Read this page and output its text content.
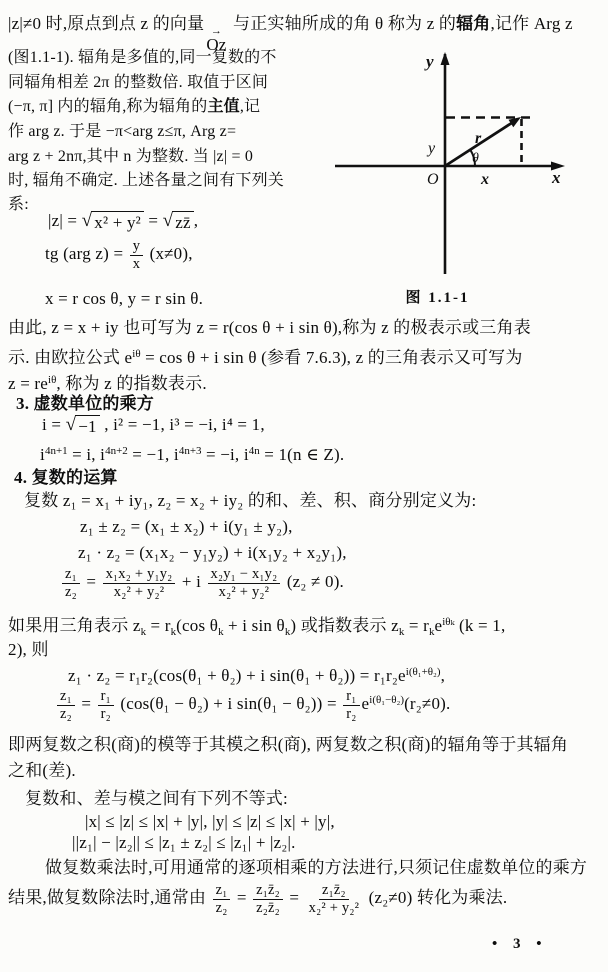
|z|≠0 时,原点到点 z 的向量 →
Oz
与正实轴所成的角 θ 称为 z 的辐角,记作 Arg z
(图1.1-1). 辐角是多值的,同一复数的不
同辐角相差 2π 的整数倍. 取值于区间
(−π, π] 内的辐角,称为辐角的主值,记
作 arg z. 于是 −π<arg z≤π, Arg z=
arg z + 2nπ,其中 n 为整数. 当 |z| = 0
时, 辐角不确定. 上述各量之间有下列关
系:
|z| = √ x² + y² = √ zz̄ ,
tg (arg $z) = \frac{y}{x} (x\ne 0)$,
x = r cos θ, y = r sin θ.
由此, z = x + iy 也可写为 z = r(cos θ + i sin θ),称为 z 的极表示或三角表
示. 由欧拉公式 $e^{i\theta} = \cos \theta + i$ sin θ (参看 7.6.3), z 的三角表示又可写为
$z = re^{i\theta}$, 称为 z 的指数表示.
3. 虚数单位的乘方
i = √ −1 , i² = −1, i³ = −i, i⁴ = 1,
$i^{4n+1} = i$, $i^{4n+2} = -1$, $i^{4n+3} = -i$, $i^{4n} = 1(n$ ∈ Z).
4. 复数的运算
复数 z₁ = x₁ + iy₁, z₂ = x₂ + iy₂ 的和、差、积、商分别定义为:
z₁ ± z₂ = (x₁ ± x₂) + i(y₁ ± y₂),
z₁ · z₂ = (x₁x₂ − y₁y₂) + i(x₁y₂ + x₂y₁),
$\frac{\text{z₁}}{\text{z₂}} = \frac{\text{x₁x₂ + y₁y₂}}{\text{x₂² + y₂²}} + i \frac{\text{x₂y₁ − x₁y₂}}{\text{x₂² + y₂²}} (z_2 \ne 0)$.
如果用三角表示 $z_k = r_k(\cos$ $\theta_k + i$ $\sin \theta_k$) 或指数表示 $z_k = r_ke^{i\theta_k}$ (k = 1,
2), 则
z₁ · z₂ = r₁r₂(cos(θ₁ + θ₂) + i $\sin(\theta_1 + \theta_2)) = r_1r_2e^{i(\theta_1+\theta_2)}$,
$\frac{\text{z₁}}{\text{z₂}} = \frac{\text{r₁}}{\text{r₂}} (\cos(\theta_1 - \theta_2) + i$ $\sin(\theta_1 - \theta_2)) = \frac{\text{r₁}}{\text{r₂}} e^{i(\theta_1-\theta_2)}(r_2\ne 0)$.
即两复数之积(商)的模等于其模之积(商), 两复数之积(商)的辐角等于其辐角
之和(差).
复数和、差与模之间有下列不等式:
|x| ≤ |z| ≤ |x| + |y|, |y| ≤ |z| ≤ |x| + |y|,
||z₁| − |z₂|| ≤ |z₁ ± z₂| ≤ |z₁| + |z₂|.
做复数乘法时,可用通常的逐项相乘的方法进行,只须记住虚数单位的乘方
结果,做复数除法时,通常由 $\frac{\text{z₁}}{\text{z₂}} = \frac{\text{z₁z̄₂}}{\text{z₂z̄₂}} = \frac{\text{z₁z̄₂}}{\text{x₂² + y₂²}} (z_2\ne 0)$ 转化为乘法.
y
y
r
θ
O	x	x
图 1.1-1
• 3 •
